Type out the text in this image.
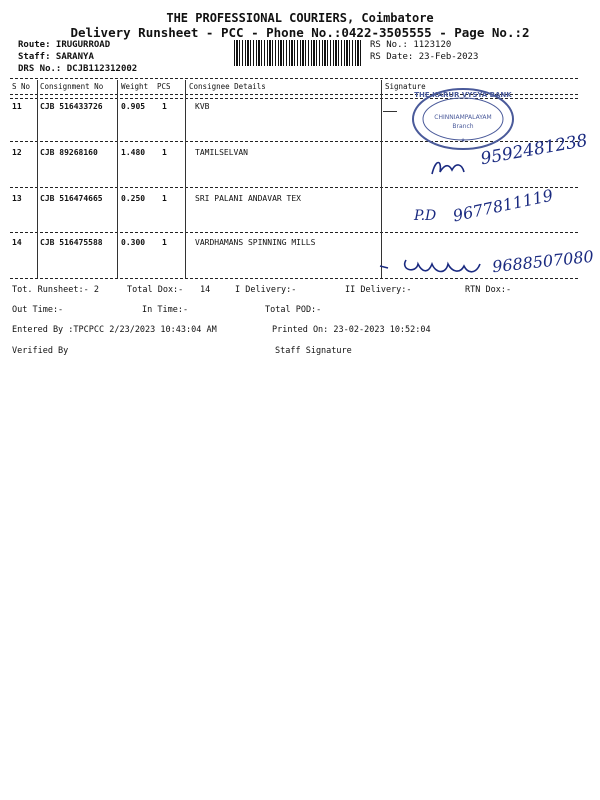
THE PROFESSIONAL COURIERS, Coimbatore
Delivery Runsheet - PCC - Phone No.:0422-3505555 - Page No.:2
Route: IRUGURROAD
Staff: SARANYA
DRS No.: DCJB112312002
RS No.: 1123120
RS Date: 23-Feb-2023
S No Consignment No Weight PCS Consignee Details	Signature
11 CJB 516433726 0.905 1	KVB
12 CJB 89268160	1.480 1	TAMILSELVAN
13 CJB 516474665 0.250 1	SRI PALANI ANDAVAR TEX
14 CJB 516475588 0.300 1	VARDHAMANS SPINNING MILLS
THE KARUR VYSYA BANK
CHINNIAMPALAYAM
Branch
★ 9592481238
P.D 9677811119
9688507080
Tot. Runsheet:- 2	Total Dox:- 14	I Delivery:-	II Delivery:-	RTN Dox:-
Out Time:-	In Time:-	Total POD:-
Entered By :TPCPCC 2/23/2023 10:43:04 AM	Printed On: 23-02-2023 10:52:04
Verified By	Staff Signature
